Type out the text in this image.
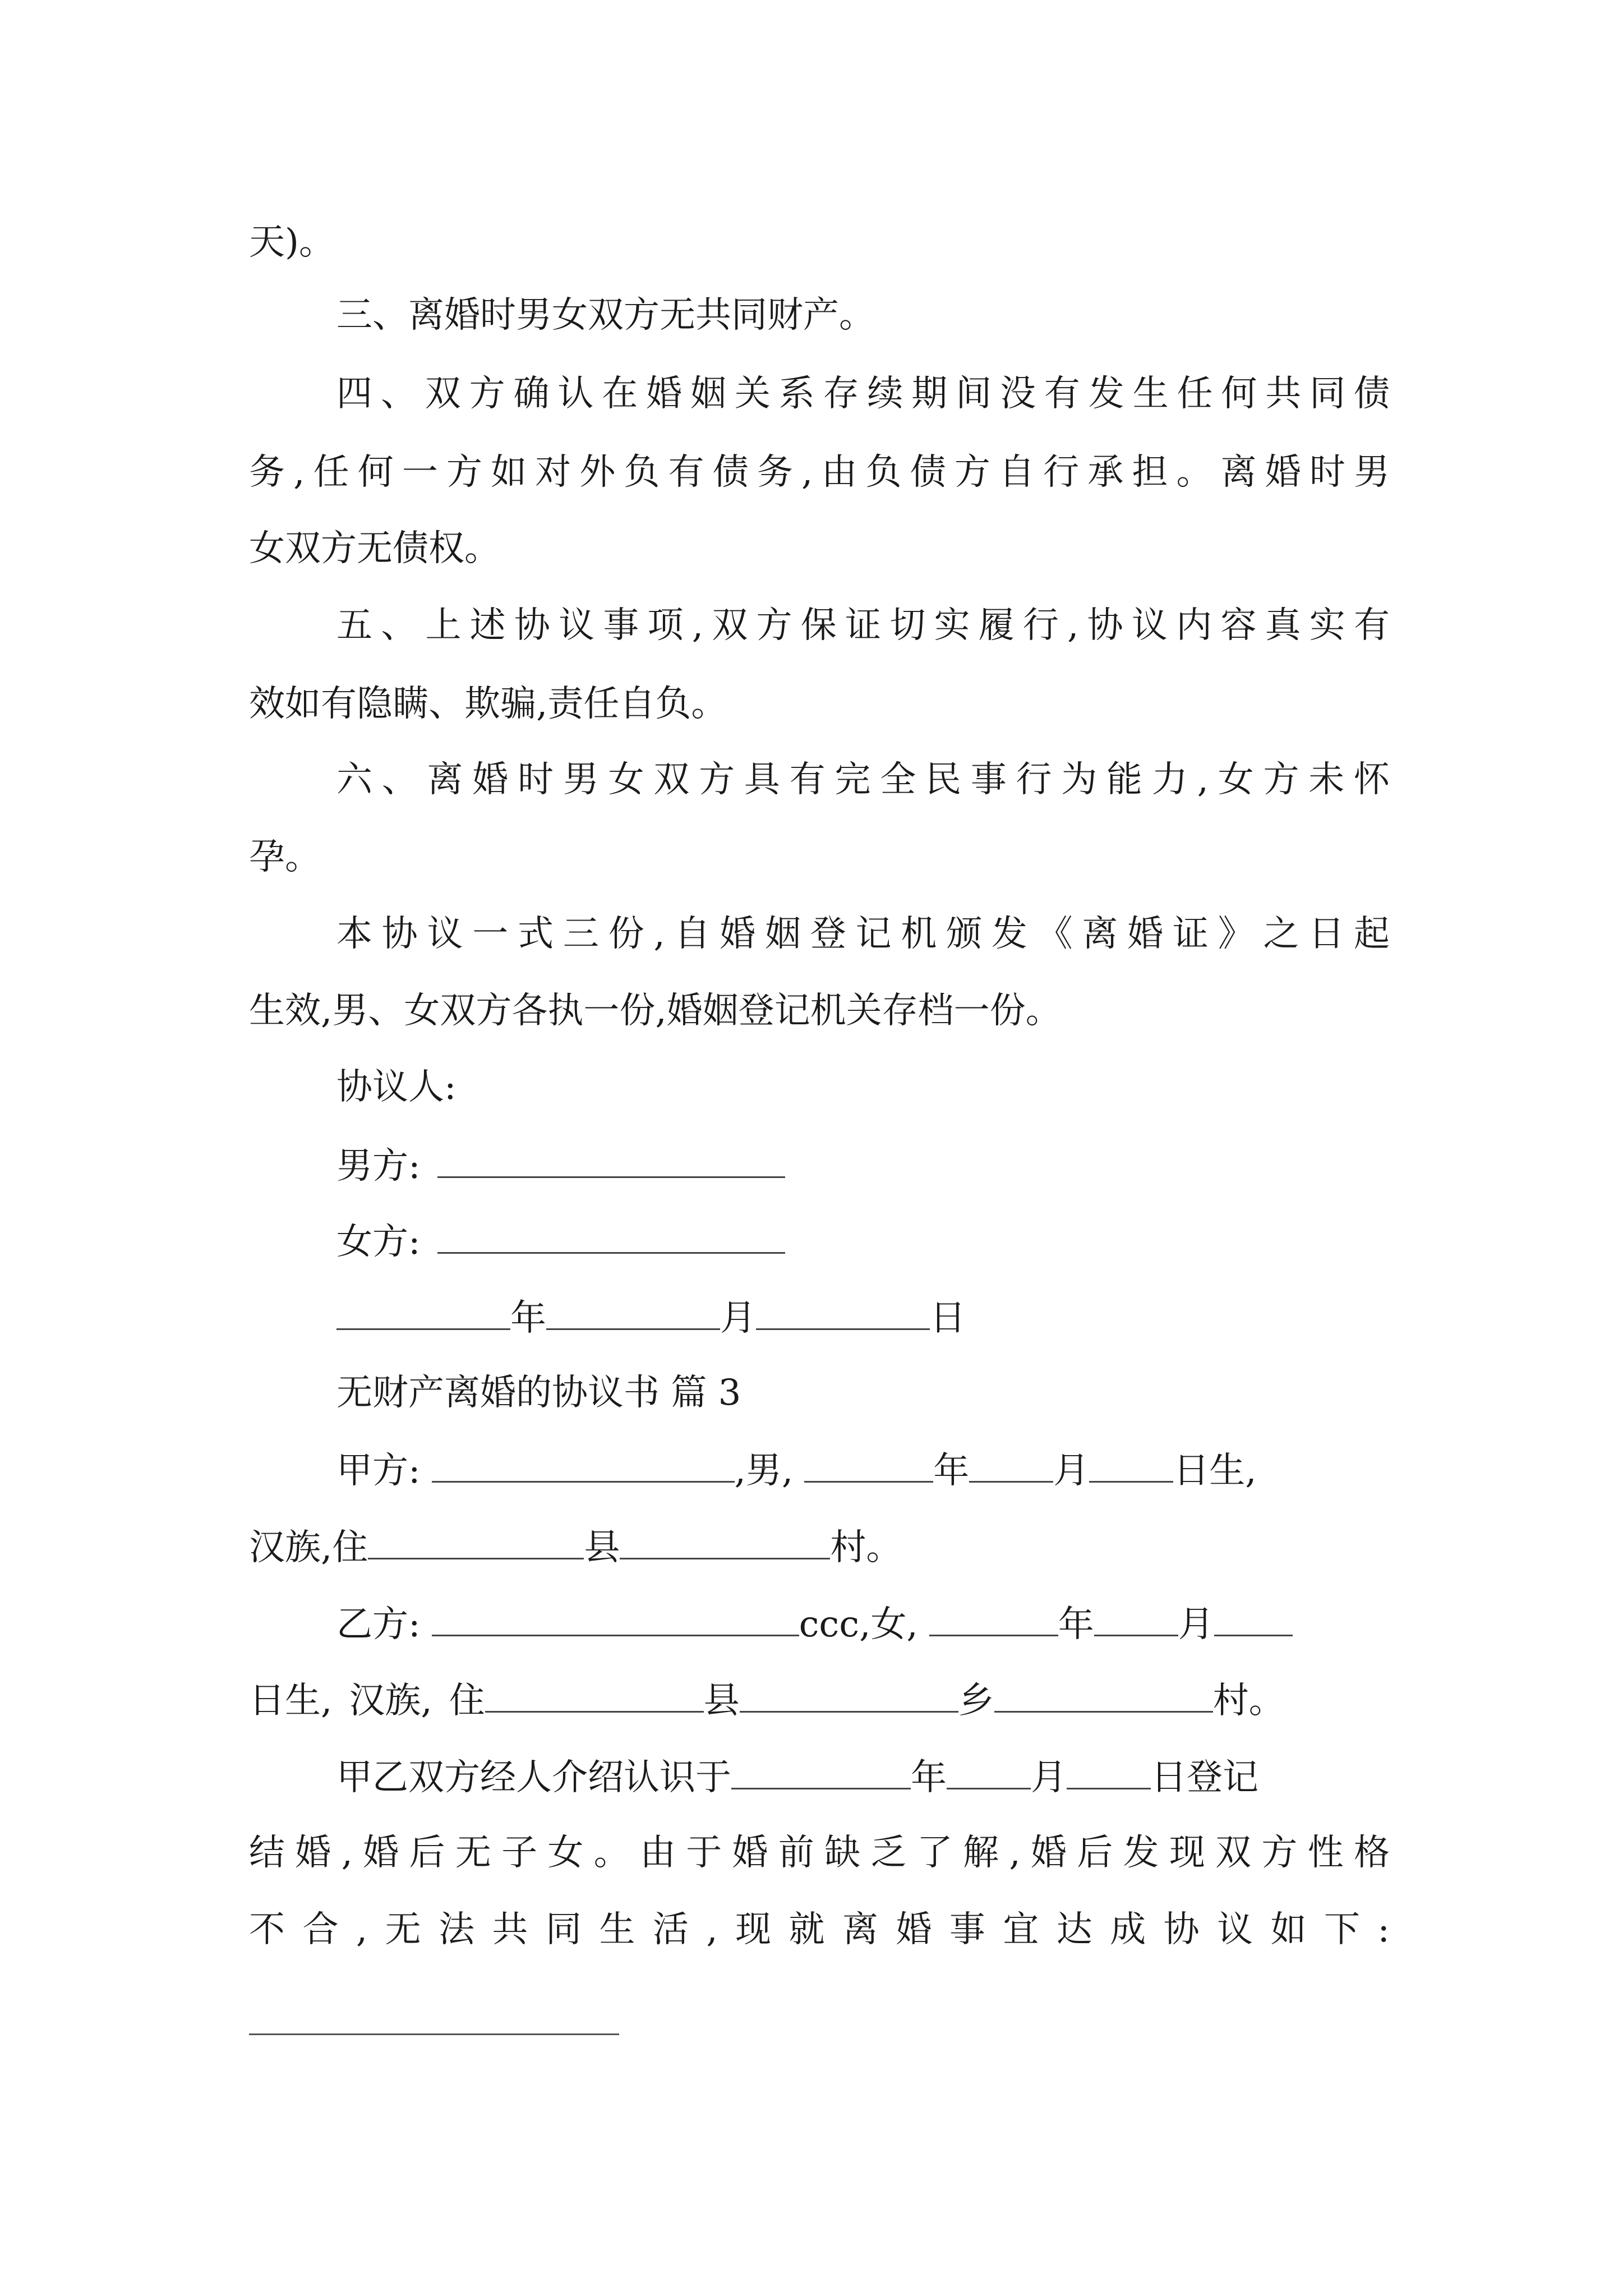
天)。
三、离婚时男女双方无共同财产。
四、双方确认在婚姻关系存续期间没有发生任何共同债
务,任何一方如对外负有债务,由负债方自行承担。离婚时男
女双方无债权。
五、上述协议事项,双方保证切实履行,协议内容真实有
效如有隐瞒、欺骗,责任自负。
六、离婚时男女双方具有完全民事行为能力,女方未怀
孕。
本协议一式三份,自婚姻登记机颁发《离婚证》之日起
生效,男、女双方各执一份,婚姻登记机关存档一份。
协议人:
男方:
女方:
年	月	日
无财产离婚的协议书 篇 3
甲方:	,男,	年 月 日生,
汉族,住	县	村。
乙方:	ccc,女,	年 月
日生, 汉族, 住	县	乡	村。
甲乙双方经人介绍认识于	年 月 日登记
结婚,婚后无子女。由于婚前缺乏了解,婚后发现双方性格
不合,无法共同生活,现就离婚事宜达成协议如下:
